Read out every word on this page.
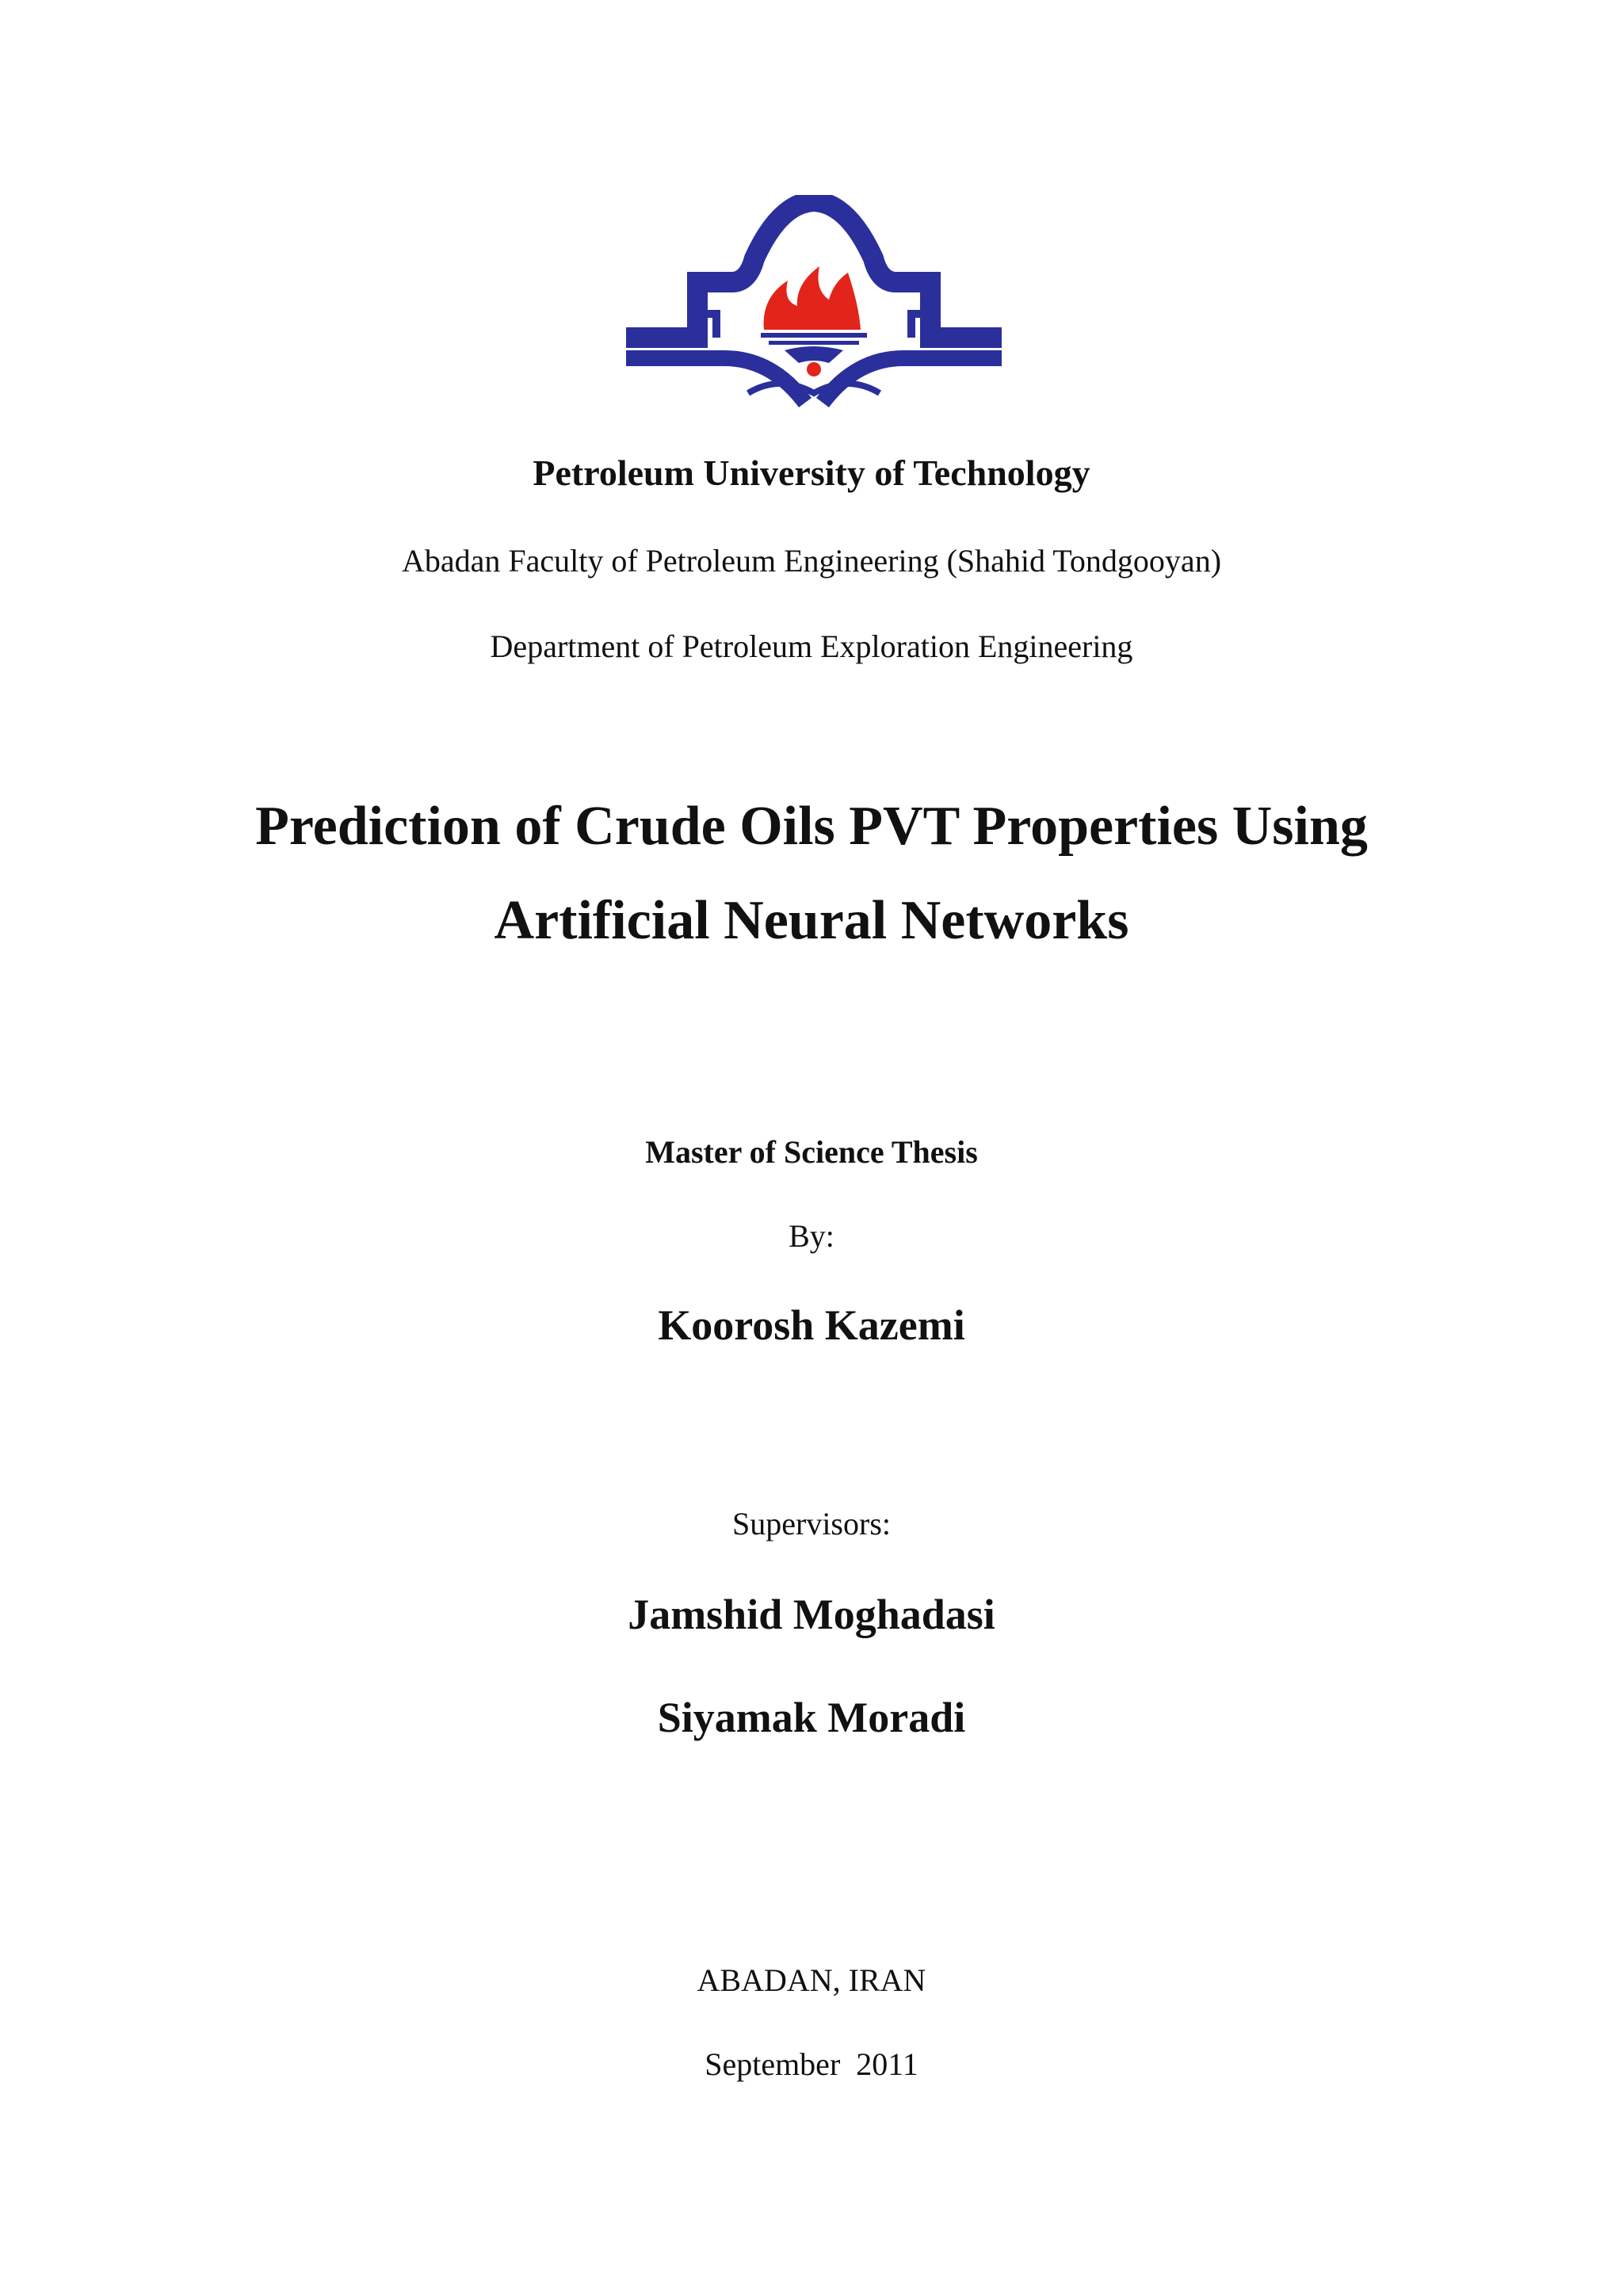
Petroleum University of Technology
Abadan Faculty of Petroleum Engineering (Shahid Tondgooyan)
Department of Petroleum Exploration Engineering
Prediction of Crude Oils PVT Properties Using
Artificial Neural Networks
Master of Science Thesis
By:
Koorosh Kazemi
Supervisors:
Jamshid Moghadasi
Siyamak Moradi
ABADAN, IRAN
September  2011
